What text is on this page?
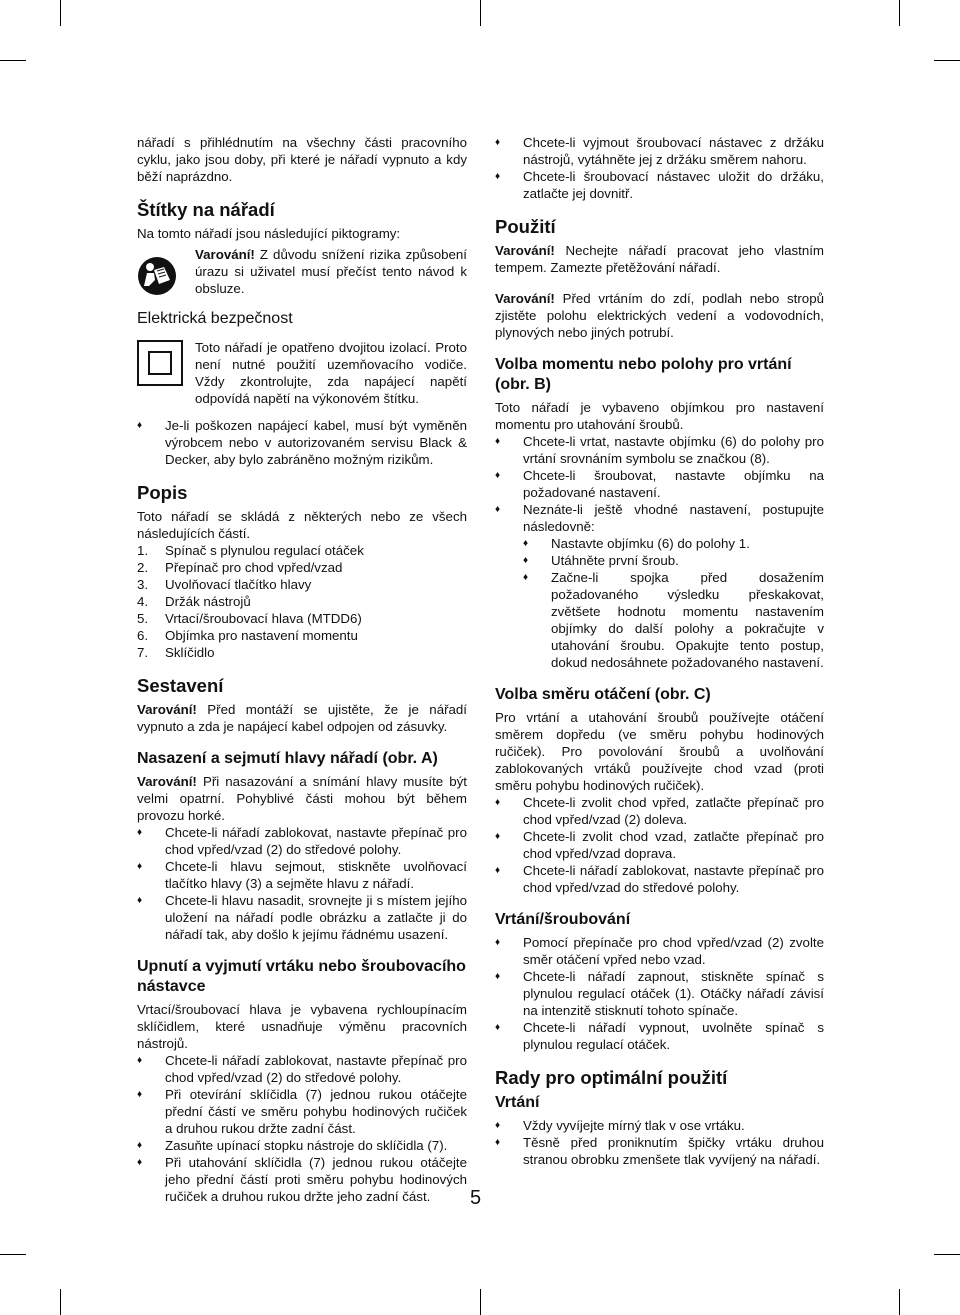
nářadí s přihlédnutím na všechny části pracovního cyklu, jako jsou doby, při které je nářadí vypnuto a kdy běží naprázdno.

Štítky na nářadí

Na tomto nářadí jsou následující piktogramy:

Varování! Z důvodu snížení rizika způsobení úrazu si uživatel musí přečíst tento návod k obsluze.

Elektrická bezpečnost

Toto nářadí je opatřeno dvojitou izolací. Proto není nutné použití uzemňovacího vodiče. Vždy zkontrolujte, zda napájecí napětí odpovídá napětí na výkonovém štítku.

♦ Je-li poškozen napájecí kabel, musí být vyměněn výrobcem nebo v autorizovaném servisu Black & Decker, aby bylo zabráněno možným rizikům.
Popis

Toto nářadí se skládá z některých nebo ze všech následujících částí.

1. Spínač s plynulou regulací otáček
2. Přepínač pro chod vpřed/vzad
3. Uvolňovací tlačítko hlavy
4. Držák nástrojů
5. Vrtací/šroubovací hlava (MTDD6)
6. Objímka pro nastavení momentu
7. Sklíčidlo
Sestavení

Varování! Před montáží se ujistěte, že je nářadí vypnuto a zda je napájecí kabel odpojen od zásuvky.

Nasazení a sejmutí hlavy nářadí (obr. A)

Varování! Při nasazování a snímání hlavy musíte být velmi opatrní. Pohyblivé části mohou být během provozu horké.

♦ Chcete-li nářadí zablokovat, nastavte přepínač pro chod vpřed/vzad (2) do středové polohy.
♦ Chcete-li hlavu sejmout, stiskněte uvolňovací tlačítko hlavy (3) a sejměte hlavu z nářadí.
♦ Chcete-li hlavu nasadit, srovnejte ji s místem jejího uložení na nářadí podle obrázku a zatlačte ji do nářadí tak, aby došlo k jejímu řádnému usazení.
Upnutí a vyjmutí vrtáku nebo šroubovacího nástavce

Vrtací/šroubovací hlava je vybavena rychloupínacím sklíčidlem, které usnadňuje výměnu pracovních nástrojů.

♦ Chcete-li nářadí zablokovat, nastavte přepínač pro chod vpřed/vzad (2) do středové polohy.
♦ Při otevírání sklíčidla (7) jednou rukou otáčejte přední částí ve směru pohybu hodinových ručiček a druhou rukou držte zadní část.
♦ Zasuňte upínací stopku nástroje do sklíčidla (7).
♦ Při utahování sklíčidla (7) jednou rukou otáčejte jeho přední částí proti směru pohybu hodinových ručiček a druhou rukou držte jeho zadní část.
♦ Chcete-li vyjmout šroubovací nástavec z držáku nástrojů, vytáhněte jej z držáku směrem nahoru.
♦ Chcete-li šroubovací nástavec uložit do držáku, zatlačte jej dovnitř.
Použití

Varování! Nechejte nářadí pracovat jeho vlastním tempem. Zamezte přetěžování nářadí.

Varování! Před vrtáním do zdí, podlah nebo stropů zjistěte polohu elektrických vedení a vodovodních, plynových nebo jiných potrubí.

Volba momentu nebo polohy pro vrtání (obr. B)

Toto nářadí je vybaveno objímkou pro nastavení momentu pro utahování šroubů.

♦ Chcete-li vrtat, nastavte objímku (6) do polohy pro vrtání srovnáním symbolu se značkou (8).
♦ Chcete-li šroubovat, nastavte objímku na požadované nastavení.
♦ Neznáte-li ještě vhodné nastavení, postupujte následovně:
♦ Nastavte objímku (6) do polohy 1.
♦ Utáhněte první šroub.
♦ Začne-li spojka před dosažením požadovaného výsledku přeskakovat, zvětšete hodnotu momentu nastavením objímky do další polohy a pokračujte v utahování šroubu. Opakujte tento postup, dokud nedosáhnete požadovaného nastavení.
Volba směru otáčení (obr. C)

Pro vrtání a utahování šroubů používejte otáčení směrem dopředu (ve směru pohybu hodinových ručiček). Pro povolování šroubů a uvolňování zablokovaných vrtáků používejte chod vzad (proti směru pohybu hodinových ručiček).

♦ Chcete-li zvolit chod vpřed, zatlačte přepínač pro chod vpřed/vzad (2) doleva.
♦ Chcete-li zvolit chod vzad, zatlačte přepínač pro chod vpřed/vzad doprava.
♦ Chcete-li nářadí zablokovat, nastavte přepínač pro chod vpřed/vzad do středové polohy.
Vrtání/šroubování
♦ Pomocí přepínače pro chod vpřed/vzad (2) zvolte směr otáčení vpřed nebo vzad.
♦ Chcete-li nářadí zapnout, stiskněte spínač s plynulou regulací otáček (1). Otáčky nářadí závisí na intenzitě stisknutí tohoto spínače.
♦ Chcete-li nářadí vypnout, uvolněte spínač s plynulou regulací otáček.
Rady pro optimální použití
Vrtání
♦ Vždy vyvíjejte mírný tlak v ose vrtáku.
♦ Těsně před proniknutím špičky vrtáku druhou stranou obrobku zmenšete tlak vyvíjený na nářadí.
5
